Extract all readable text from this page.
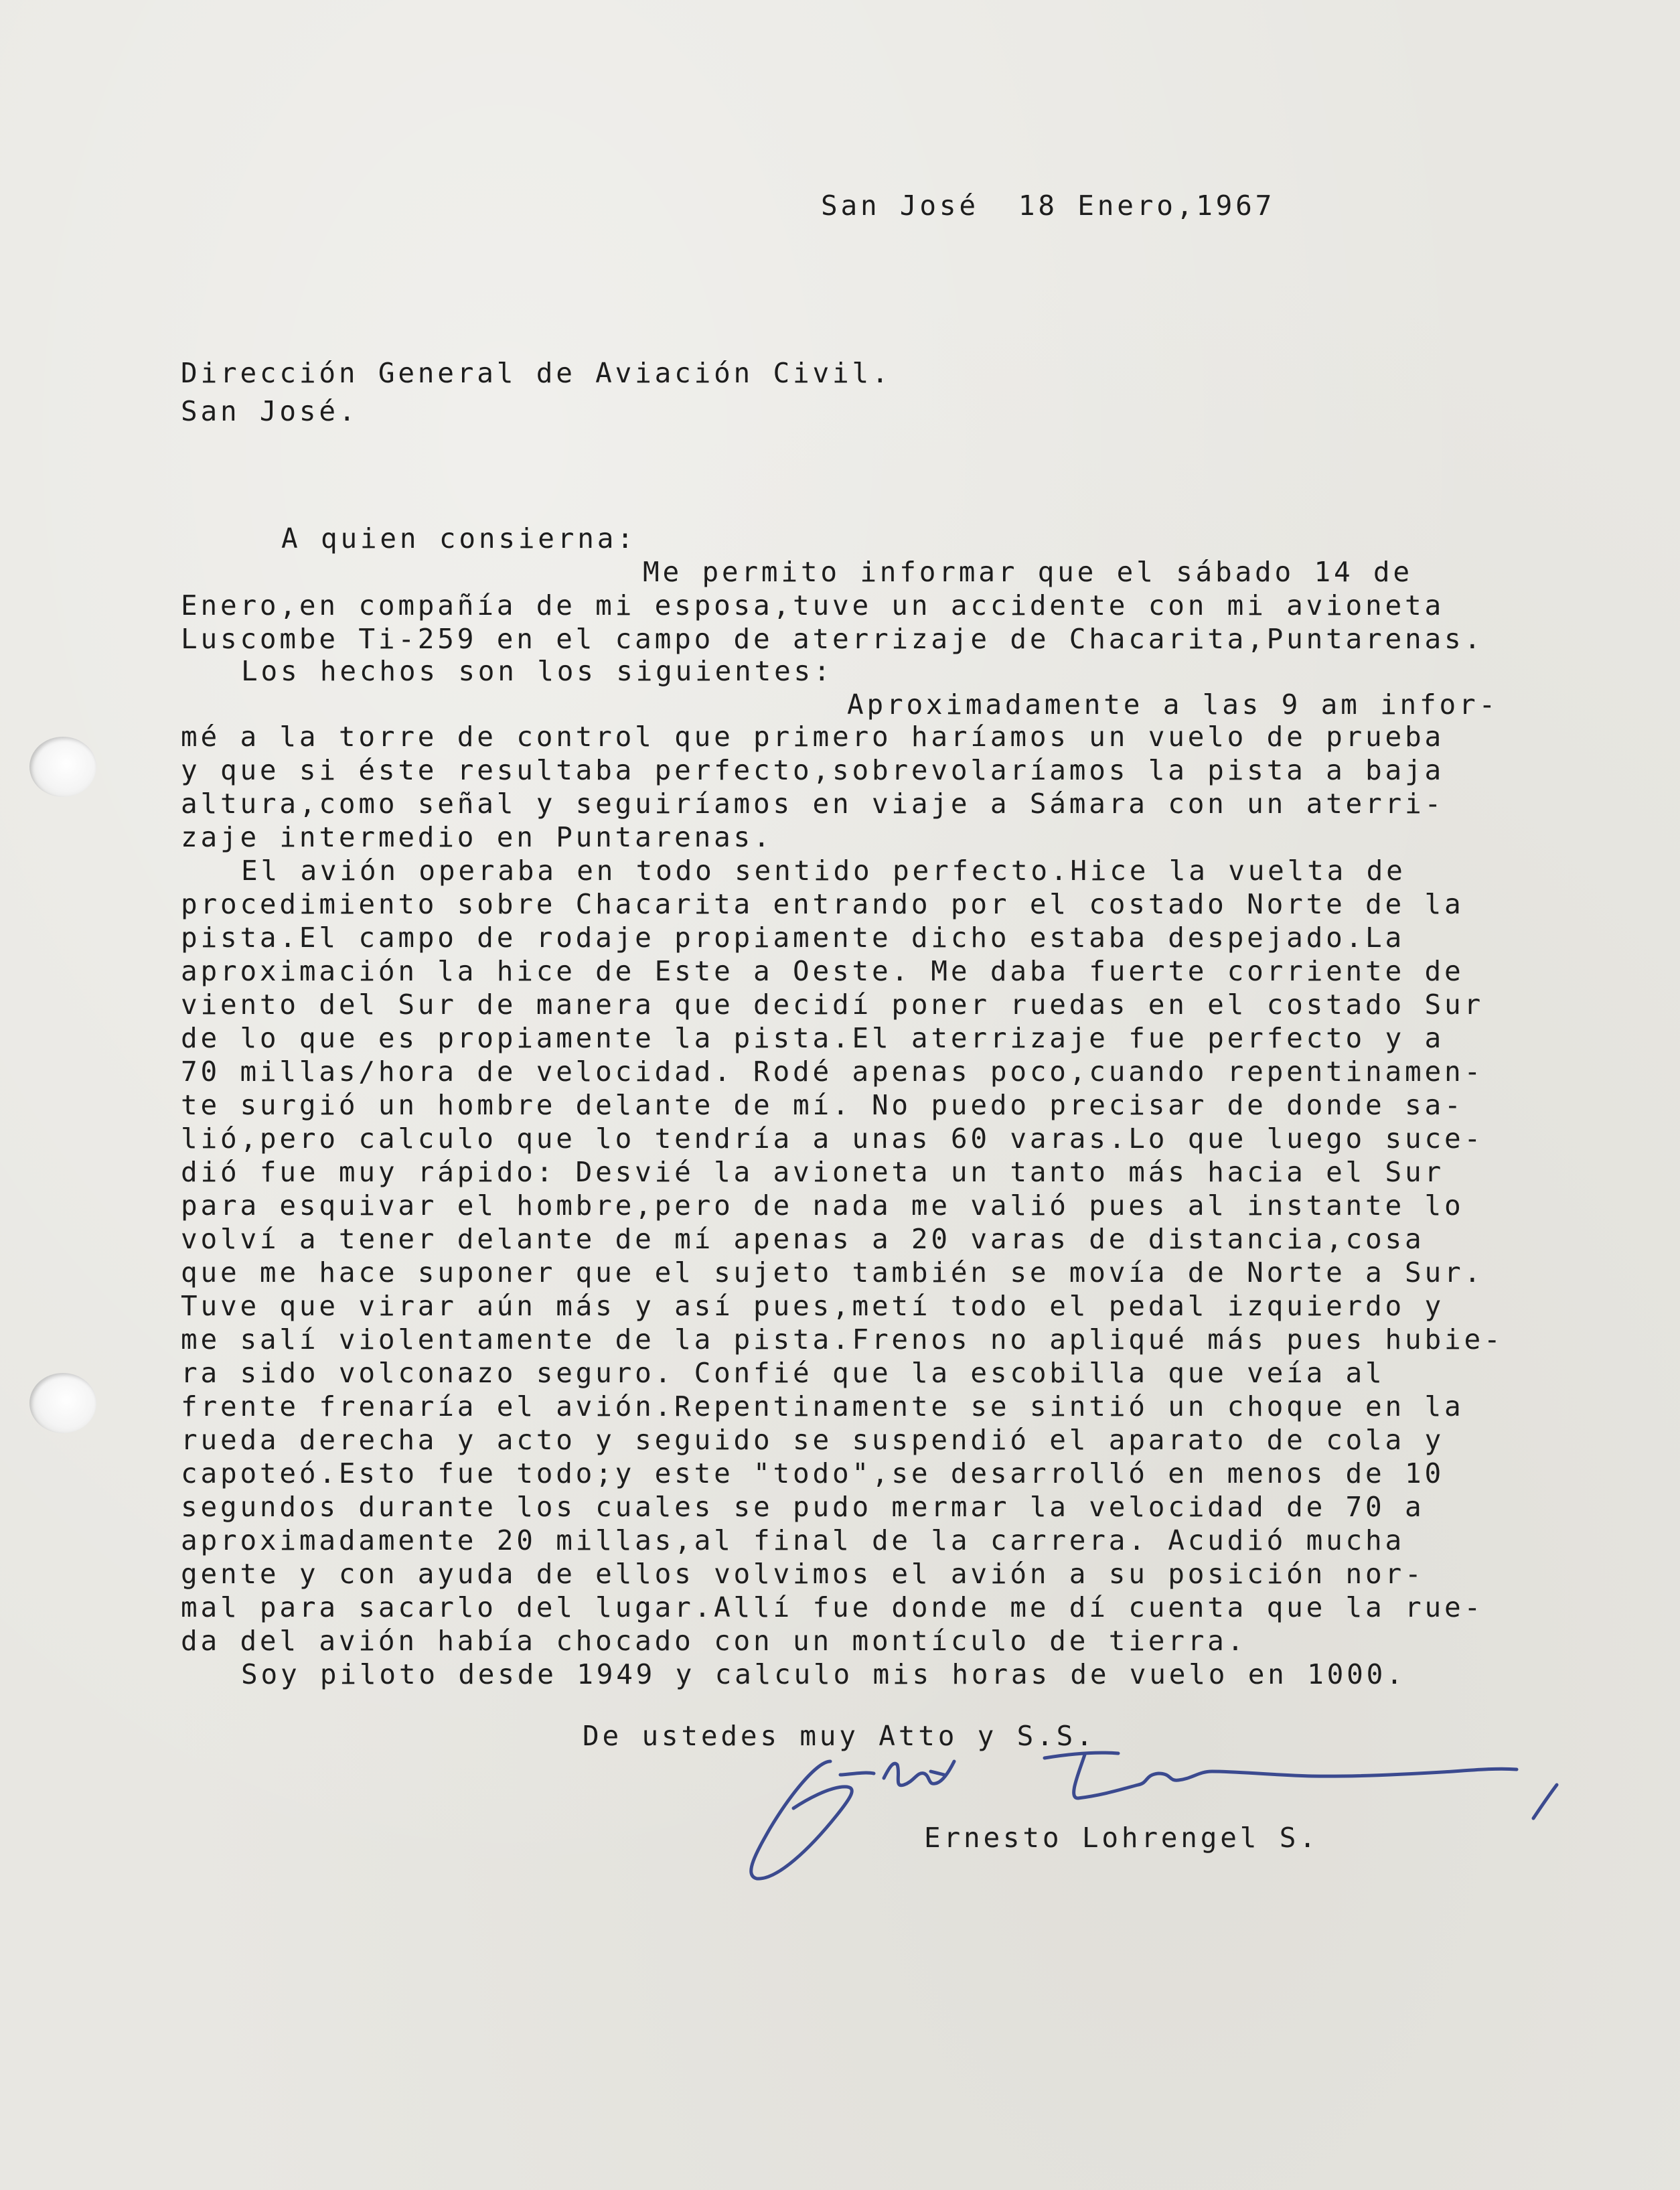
San José  18 Enero,1967
Dirección General de Aviación Civil.
San José.
A quien consierna:
Me permito informar que el sábado 14 de
Enero,en compañía de mi esposa,tuve un accidente con mi avioneta
Luscombe Ti-259 en el campo de aterrizaje de Chacarita,Puntarenas.
Los hechos son los siguientes:
Aproximadamente a las 9 am infor-
mé a la torre de control que primero haríamos un vuelo de prueba
y que si éste resultaba perfecto,sobrevolaríamos la pista a baja
altura,como señal y seguiríamos en viaje a Sámara con un aterri-
zaje intermedio en Puntarenas.
El avión operaba en todo sentido perfecto.Hice la vuelta de
procedimiento sobre Chacarita entrando por el costado Norte de la
pista.El campo de rodaje propiamente dicho estaba despejado.La
aproximación la hice de Este a Oeste. Me daba fuerte corriente de
viento del Sur de manera que decidí poner ruedas en el costado Sur
de lo que es propiamente la pista.El aterrizaje fue perfecto y a
70 millas/hora de velocidad. Rodé apenas poco,cuando repentinamen-
te surgió un hombre delante de mí. No puedo precisar de donde sa-
lió,pero calculo que lo tendría a unas 60 varas.Lo que luego suce-
dió fue muy rápido: Desvié la avioneta un tanto más hacia el Sur
para esquivar el hombre,pero de nada me valió pues al instante lo
volví a tener delante de mí apenas a 20 varas de distancia,cosa
que me hace suponer que el sujeto también se movía de Norte a Sur.
Tuve que virar aún más y así pues,metí todo el pedal izquierdo y
me salí violentamente de la pista.Frenos no apliqué más pues hubie-
ra sido volconazo seguro. Confié que la escobilla que veía al
frente frenaría el avión.Repentinamente se sintió un choque en la
rueda derecha y acto y seguido se suspendió el aparato de cola y
capoteó.Esto fue todo;y este "todo",se desarrolló en menos de 10
segundos durante los cuales se pudo mermar la velocidad de 70 a
aproximadamente 20 millas,al final de la carrera. Acudió mucha
gente y con ayuda de ellos volvimos el avión a su posición nor-
mal para sacarlo del lugar.Allí fue donde me dí cuenta que la rue-
da del avión había chocado con un montículo de tierra.
Soy piloto desde 1949 y calculo mis horas de vuelo en 1000.
De ustedes muy Atto y S.S.
Ernesto Lohrengel S.
